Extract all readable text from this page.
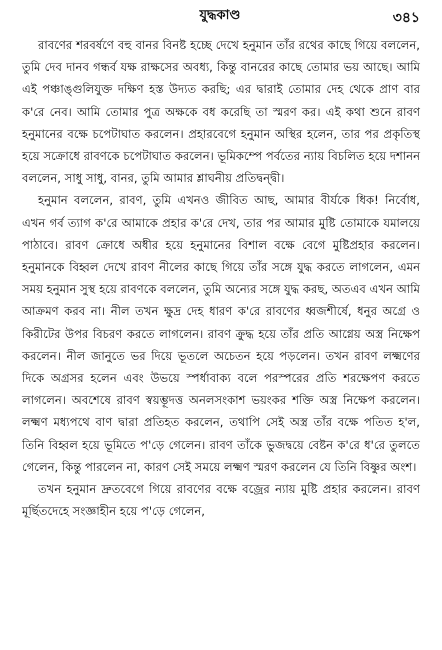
যুদ্ধকাণ্ড	৩৪১

রাবণের শরবর্ষণে বহু বানর বিনষ্ট হচ্ছে দেখে হনুমান তাঁর রথের কাছে গিয়ে বললেন, তুমি দেব দানব গন্ধর্ব যক্ষ রাক্ষসের অবধ্য, কিন্তু বানরের কাছে তোমার ভয় আছে। আমি এই পঞ্চাঙ্গুলিযুক্ত দক্ষিণ হস্ত উদ্যত করছি; এর দ্বারাই তোমার দেহ থেকে প্রাণ বার ক'রে নেব। আমি তোমার পুত্র অক্ষকে বধ করেছি তা স্মরণ কর। এই কথা শুনে রাবণ হনুমানের বক্ষে চপেটাঘাত করলেন। প্রহারবেগে হনুমান অস্থির হলেন, তার পর প্রকৃতিস্থ হয়ে সক্রোধে রাবণকে চপেটাঘাত করলেন। ভূমিকম্পে পর্বতের ন্যায় বিচলিত হয়ে দশানন বললেন, সাধু সাধু, বানর, তুমি আমার শ্লাঘনীয় প্রতিদ্বন্দ্বী।

হনুমান বললেন, রাবণ, তুমি এখনও জীবিত আছ, আমার বীর্যকে ধিক! নির্বোধ, এখন গর্ব ত্যাগ ক'রে আমাকে প্রহার ক'রে দেখ, তার পর আমার মুষ্টি তোমাকে যমালয়ে পাঠাবে। রাবণ ক্রোধে অধীর হয়ে হনুমানের বিশাল বক্ষে বেগে মুষ্টিপ্রহার করলেন। হনুমানকে বিহ্বল দেখে রাবণ নীলের কাছে গিয়ে তাঁর সঙ্গে যুদ্ধ করতে লাগলেন, এমন সময় হনুমান সুস্থ হয়ে রাবণকে বললেন, তুমি অন্যের সঙ্গে যুদ্ধ করছ, অতএব এখন আমি আক্রমণ করব না। নীল তখন ক্ষুদ্র দেহ ধারণ ক'রে রাবণের ধ্বজশীর্ষে, ধনুর অগ্রে ও কিরীটের উপর বিচরণ করতে লাগলেন। রাবণ ক্রুদ্ধ হয়ে তাঁর প্রতি আগ্নেয় অস্ত্র নিক্ষেপ করলেন। নীল জানুতে ভর দিয়ে ভূতলে অচেতন হয়ে পড়লেন। তখন রাবণ লক্ষ্মণের দিকে অগ্রসর হলেন এবং উভয়ে স্পর্ধাবাক্য বলে পরস্পরের প্রতি শরক্ষেপণ করতে লাগলেন। অবশেষে রাবণ স্বয়ম্ভূদত্ত অনলসংকাশ ভয়ংকর শক্তি অস্ত্র নিক্ষেপ করলেন। লক্ষ্মণ মধ্যপথে বাণ দ্বারা প্রতিহত করলেন, তথাপি সেই অস্ত্র তাঁর বক্ষে পতিত হ'ল, তিনি বিহ্বল হয়ে ভূমিতে প'ড়ে গেলেন। রাবণ তাঁকে ভুজদ্বয়ে বেষ্টন ক'রে ধ'রে তুলতে গেলেন, কিন্তু পারলেন না, কারণ সেই সময়ে লক্ষ্মণ স্মরণ করলেন যে তিনি বিষ্ণুর অংশ।

তখন হনুমান দ্রুতবেগে গিয়ে রাবণের বক্ষে বজ্রের ন্যায় মুষ্টি প্রহার করলেন। রাবণ মূর্ছিতদেহে সংজ্ঞাহীন হয়ে প'ড়ে গেলেন,
